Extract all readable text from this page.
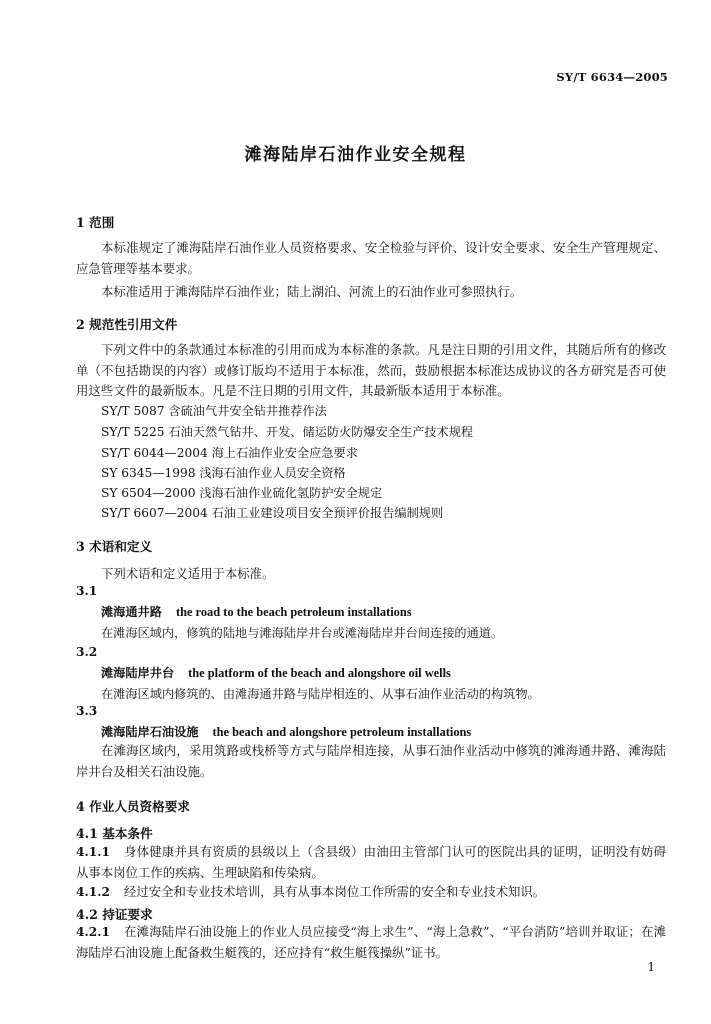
SY/T 6634—2005
滩海陆岸石油作业安全规程
1 范围
本标准规定了滩海陆岸石油作业人员资格要求、安全检验与评价、设计安全要求、安全生产管理规定、应急管理等基本要求。
本标准适用于滩海陆岸石油作业；陆上湖泊、河流上的石油作业可参照执行。
2 规范性引用文件
下列文件中的条款通过本标准的引用而成为本标准的条款。凡是注日期的引用文件，其随后所有的修改单（不包括勘误的内容）或修订版均不适用于本标准，然而，鼓励根据本标准达成协议的各方研究是否可使用这些文件的最新版本。凡是不注日期的引用文件，其最新版本适用于本标准。
SY/T 5087 含硫油气井安全钻井推荐作法
SY/T 5225 石油天然气钻井、开发、储运防火防爆安全生产技术规程
SY/T 6044—2004 海上石油作业安全应急要求
SY 6345—1998 浅海石油作业人员安全资格
SY 6504—2000 浅海石油作业硫化氢防护安全规定
SY/T 6607—2004 石油工业建设项目安全预评价报告编制规则
3 术语和定义
下列术语和定义适用于本标准。
3.1
滩海通井路 the road to the beach petroleum installations
在滩海区域内，修筑的陆地与滩海陆岸井台或滩海陆岸井台间连接的通道。
3.2
滩海陆岸井台 the platform of the beach and alongshore oil wells
在滩海区域内修筑的、由滩海通井路与陆岸相连的、从事石油作业活动的构筑物。
3.3
滩海陆岸石油设施 the beach and alongshore petroleum installations
在滩海区域内，采用筑路或栈桥等方式与陆岸相连接，从事石油作业活动中修筑的滩海通井路、滩海陆岸井台及相关石油设施。
4 作业人员资格要求
4.1 基本条件
4.1.1 身体健康并具有资质的县级以上（含县级）由油田主管部门认可的医院出具的证明，证明没有妨碍从事本岗位工作的疾病、生理缺陷和传染病。
4.1.2 经过安全和专业技术培训，具有从事本岗位工作所需的安全和专业技术知识。
4.2 持证要求
4.2.1 在滩海陆岸石油设施上的作业人员应接受“海上求生”、“海上急救”、“平台消防”培训并取证；在滩海陆岸石油设施上配备救生艇筏的，还应持有“救生艇筏操纵”证书。
1
